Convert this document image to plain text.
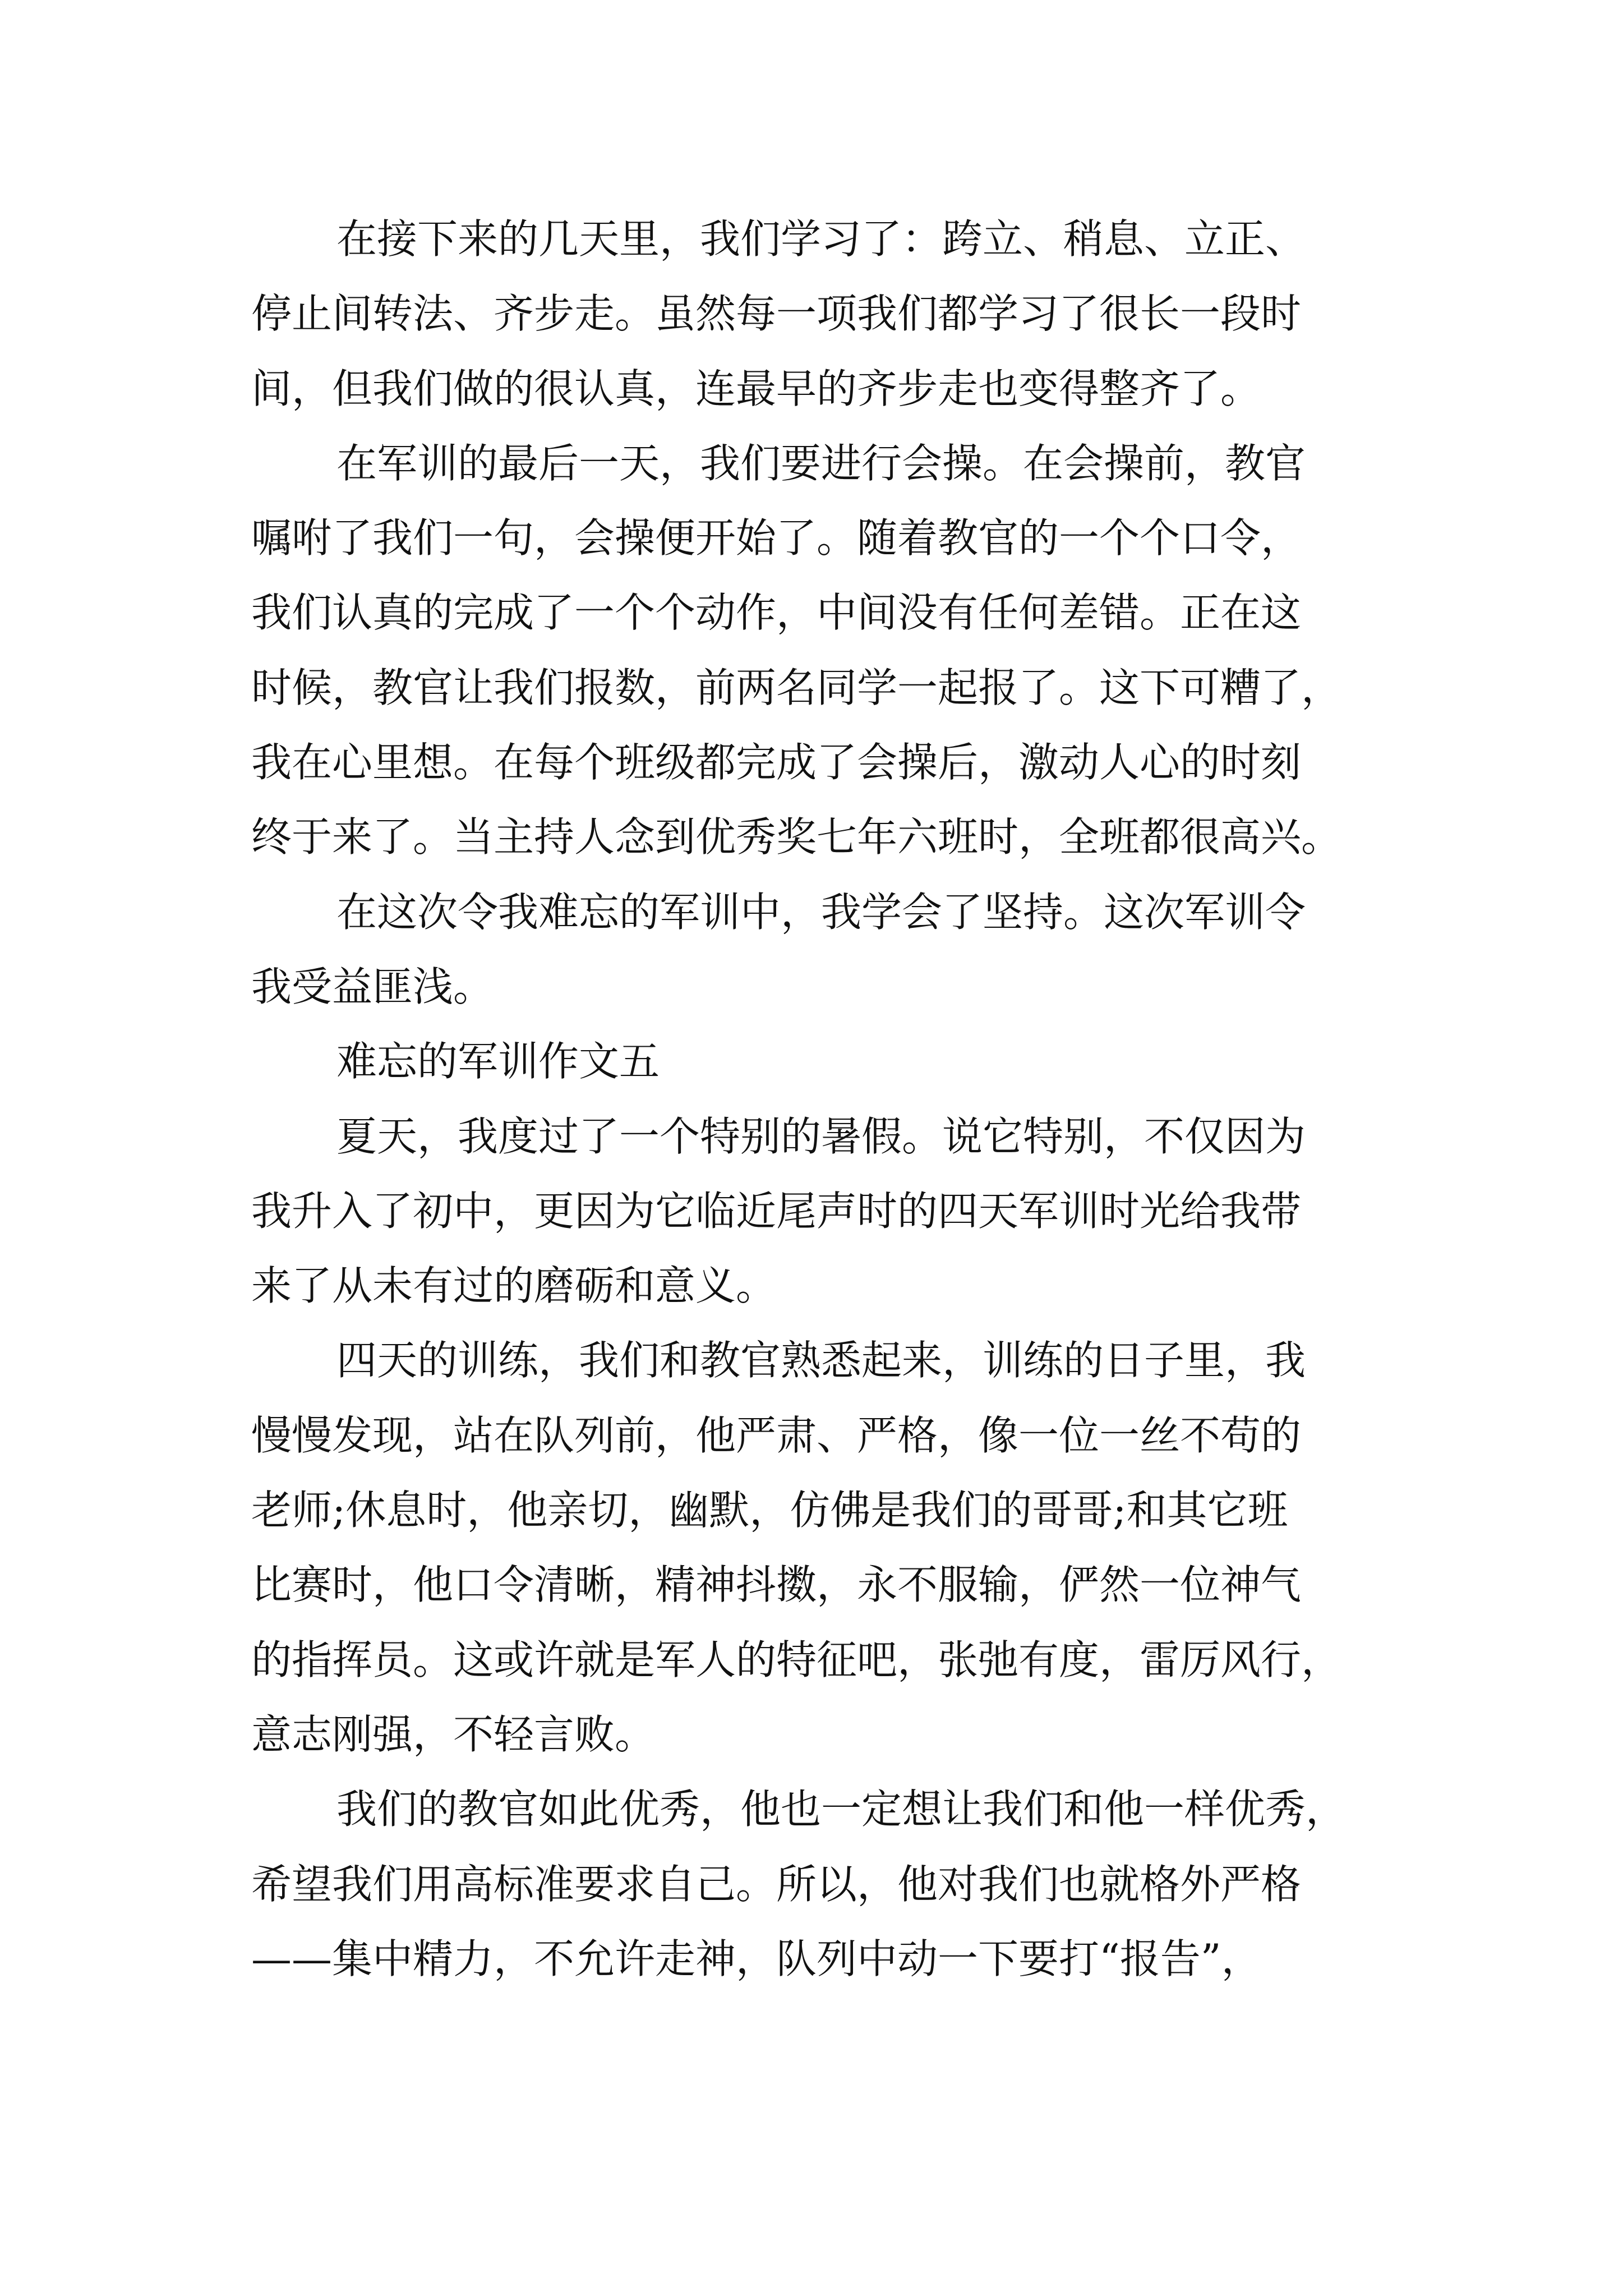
在接下来的几天里，我们学习了：跨立、稍息、立正、
停止间转法、齐步走。虽然每一项我们都学习了很长一段时
间，但我们做的很认真，连最早的齐步走也变得整齐了。
在军训的最后一天，我们要进行会操。在会操前，教官
嘱咐了我们一句，会操便开始了。随着教官的一个个口令，
我们认真的完成了一个个动作，中间没有任何差错。正在这
时候，教官让我们报数，前两名同学一起报了。这下可糟了，
我在心里想。在每个班级都完成了会操后，激动人心的时刻
终于来了。当主持人念到优秀奖七年六班时，全班都很高兴。
在这次令我难忘的军训中，我学会了坚持。这次军训令
我受益匪浅。
难忘的军训作文五
夏天，我度过了一个特别的暑假。说它特别，不仅因为
我升入了初中，更因为它临近尾声时的四天军训时光给我带
来了从未有过的磨砺和意义。
四天的训练，我们和教官熟悉起来，训练的日子里，我
慢慢发现，站在队列前，他严肃、严格，像一位一丝不苟的
老师;休息时，他亲切，幽默，仿佛是我们的哥哥;和其它班
比赛时，他口令清晰，精神抖擞，永不服输，俨然一位神气
的指挥员。这或许就是军人的特征吧，张弛有度，雷厉风行，
意志刚强，不轻言败。
我们的教官如此优秀，他也一定想让我们和他一样优秀，
希望我们用高标准要求自己。所以，他对我们也就格外严格
——集中精力，不允许走神，队列中动一下要打“报告”，
